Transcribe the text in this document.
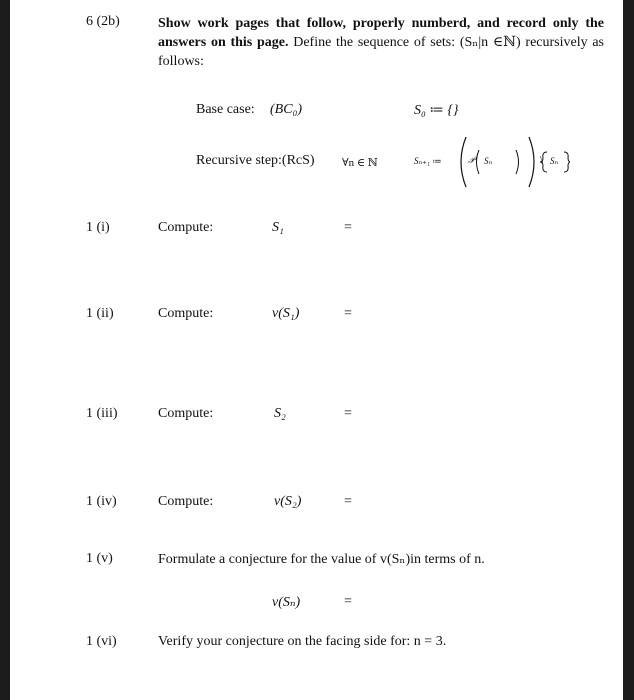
6 (2b)	Show work pages that follow, properly numberd, and record only the answers on this page. Define the sequence of sets: (Sₙ|n ∈ℕ) recursively as follows:
Base case: (BC₀)	S₀ ≔ {}
Recursive step:(RcS) ∀n ∈ ℕ	Sₙ₊₁ ≔	𝒫 Sₙ	\ Sₙ
1 (i)	Compute:	S₁	=
1 (ii)	Compute:	v(S₁)	=
1 (iii)	Compute:	S₂	=
1 (iv)	Compute:	v(S₂)	=
1 (v)	Formulate a conjecture for the value of v(Sₙ)in terms of n.
v(Sₙ)	=
1 (vi)	Verify your conjecture on the facing side for: n = 3.
